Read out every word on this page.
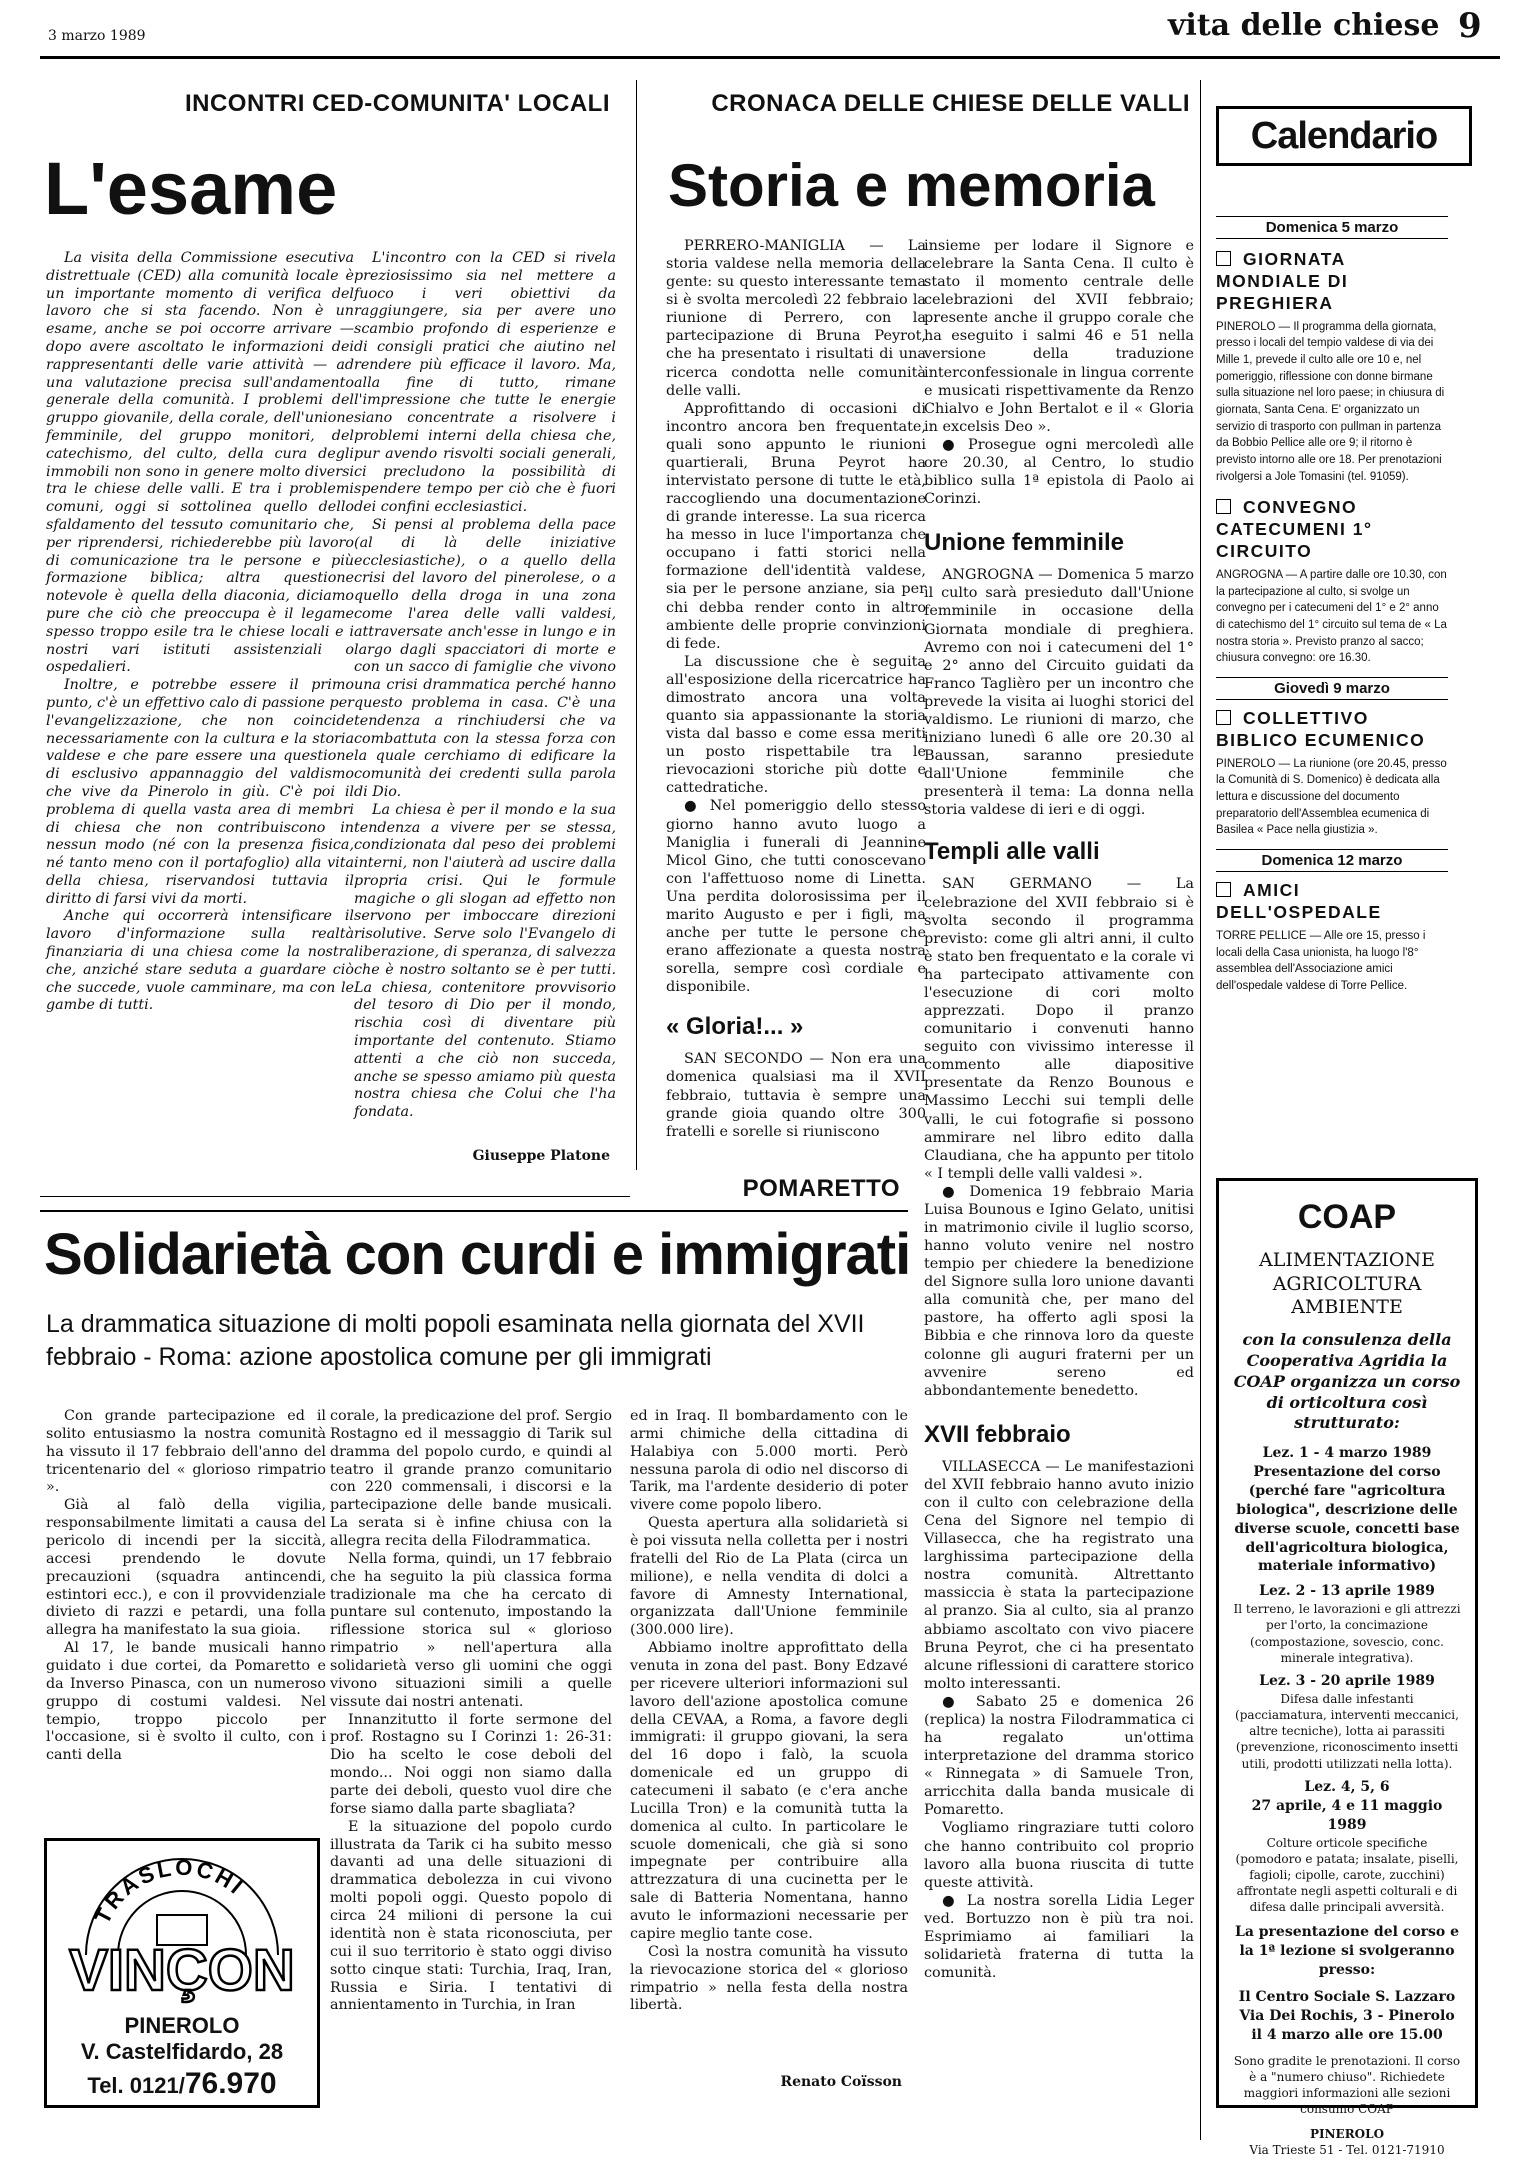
3 marzo 1989	vita delle chiese 9
INCONTRI CED-COMUNITA' LOCALI
L'esame

La visita della Commissione esecutiva distrettuale (CED) alla comunità locale è un importante momento di verifica del lavoro che si sta facendo. Non è un esame, anche se poi occorre arrivare — dopo avere ascoltato le informazioni dei rappresentanti delle varie attività — ad una valutazione precisa sull'andamento generale della comunità. I problemi del gruppo giovanile, della corale, dell'unione femminile, del gruppo monitori, del catechismo, del culto, della cura degli immobili non sono in genere molto diversi tra le chiese delle valli. E tra i problemi comuni, oggi si sottolinea quello dello sfaldamento del tessuto comunitario che, per riprendersi, richiederebbe più lavoro di comunicazione tra le persone e più formazione biblica; altra questione notevole è quella della diaconia, diciamo pure che ciò che preoccupa è il legame spesso troppo esile tra le chiese locali e i nostri vari istituti assistenziali o ospedalieri.

Inoltre, e potrebbe essere il primo punto, c'è un effettivo calo di passione per l'evangelizzazione, che non coincide necessariamente con la cultura e la storia valdese e che pare essere una questione di esclusivo appannaggio del valdismo che vive da Pinerolo in giù. C'è poi il problema di quella vasta area di membri di chiesa che non contribuiscono in nessun modo (né con la presenza fisica, né tanto meno con il portafoglio) alla vita della chiesa, riservandosi tuttavia il diritto di farsi vivi da morti.

Anche qui occorrerà intensificare il lavoro d'informazione sulla realtà finanziaria di una chiesa come la nostra che, anziché stare seduta a guardare ciò che succede, vuole camminare, ma con le gambe di tutti.

L'incontro con la CED si rivela preziosissimo sia nel mettere a fuoco i veri obiettivi da raggiungere, sia per avere uno scambio profondo di esperienze e di consigli pratici che aiutino nel rendere più efficace il lavoro. Ma, alla fine di tutto, rimane l'impressione che tutte le energie siano concentrate a risolvere i problemi interni della chiesa che, pur avendo risvolti sociali generali, ci precludono la possibilità di spendere tempo per ciò che è fuori dei confini ecclesiastici.

Si pensi al problema della pace (al di là delle iniziative ecclesiastiche), o a quello della crisi del lavoro del pinerolese, o a quello della droga in una zona come l'area delle valli valdesi, attraversate anch'esse in lungo e in largo dagli spacciatori di morte e con un sacco di famiglie che vivono una crisi drammatica perché hanno questo problema in casa. C'è una tendenza a rinchiudersi che va combattuta con la stessa forza con la quale cerchiamo di edificare la comunità dei credenti sulla parola di Dio.

La chiesa è per il mondo e la sua tendenza a vivere per se stessa, condizionata dal peso dei problemi interni, non l'aiuterà ad uscire dalla propria crisi. Qui le formule magiche o gli slogan ad effetto non servono per imboccare direzioni risolutive. Serve solo l'Evangelo di liberazione, di speranza, di salvezza che è nostro soltanto se è per tutti. La chiesa, contenitore provvisorio del tesoro di Dio per il mondo, rischia così di diventare più importante del contenuto. Stiamo attenti a che ciò non succeda, anche se spesso amiamo più questa nostra chiesa che Colui che l'ha fondata.

Giuseppe Platone
CRONACA DELLE CHIESE DELLE VALLI
Storia e memoria

PERRERO-MANIGLIA — La storia valdese nella memoria della gente: su questo interessante tema si è svolta mercoledì 22 febbraio la riunione di Perrero, con la partecipazione di Bruna Peyrot, che ha presentato i risultati di una ricerca condotta nelle comunità delle valli.

Approfittando di occasioni di incontro ancora ben frequentate, quali sono appunto le riunioni quartierali, Bruna Peyrot ha intervistato persone di tutte le età, raccogliendo una documentazione di grande interesse. La sua ricerca ha messo in luce l'importanza che occupano i fatti storici nella formazione dell'identità valdese, sia per le persone anziane, sia per chi debba render conto in altro ambiente delle proprie convinzioni di fede.

La discussione che è seguita all'esposizione della ricercatrice ha dimostrato ancora una volta quanto sia appassionante la storia vista dal basso e come essa meriti un posto rispettabile tra le rievocazioni storiche più dotte e cattedratiche.

● Nel pomeriggio dello stesso giorno hanno avuto luogo a Maniglia i funerali di Jeannine Micol Gino, che tutti conoscevano con l'affettuoso nome di Linetta. Una perdita dolorosissima per il marito Augusto e per i figli, ma anche per tutte le persone che erano affezionate a questa nostra sorella, sempre così cordiale e disponibile.

« Gloria!... »

SAN SECONDO — Non era una domenica qualsiasi ma il XVII febbraio, tuttavia è sempre una grande gioia quando oltre 300 fratelli e sorelle si riuniscono

insieme per lodare il Signore e celebrare la Santa Cena. Il culto è stato il momento centrale delle celebrazioni del XVII febbraio; presente anche il gruppo corale che ha eseguito i salmi 46 e 51 nella versione della traduzione interconfessionale in lingua corrente e musicati rispettivamente da Renzo Chialvo e John Bertalot e il « Gloria in excelsis Deo ».

● Prosegue ogni mercoledì alle ore 20.30, al Centro, lo studio biblico sulla 1ª epistola di Paolo ai Corinzi.

Unione femminile

ANGROGNA — Domenica 5 marzo il culto sarà presieduto dall'Unione femminile in occasione della Giornata mondiale di preghiera. Avremo con noi i catecumeni del 1° e 2° anno del Circuito guidati da Franco Taglièro per un incontro che prevede la visita ai luoghi storici del valdismo. Le riunioni di marzo, che iniziano lunedì 6 alle ore 20.30 al Baussan, saranno presiedute dall'Unione femminile che presenterà il tema: La donna nella storia valdese di ieri e di oggi.

Templi alle valli

SAN GERMANO — La celebrazione del XVII febbraio si è svolta secondo il programma previsto: come gli altri anni, il culto è stato ben frequentato e la corale vi ha partecipato attivamente con l'esecuzione di cori molto apprezzati. Dopo il pranzo comunitario i convenuti hanno seguito con vivissimo interesse il commento alle diapositive presentate da Renzo Bounous e Massimo Lecchi sui templi delle valli, le cui fotografie si possono ammirare nel libro edito dalla Claudiana, che ha appunto per titolo « I templi delle valli valdesi ».

● Domenica 19 febbraio Maria Luisa Bounous e Igino Gelato, unitisi in matrimonio civile il luglio scorso, hanno voluto venire nel nostro tempio per chiedere la benedizione del Signore sulla loro unione davanti alla comunità che, per mano del pastore, ha offerto agli sposi la Bibbia e che rinnova loro da queste colonne gli auguri fraterni per un avvenire sereno ed abbondantemente benedetto.

XVII febbraio

VILLASECCA — Le manifestazioni del XVII febbraio hanno avuto inizio con il culto con celebrazione della Cena del Signore nel tempio di Villasecca, che ha registrato una larghissima partecipazione della nostra comunità. Altrettanto massiccia è stata la partecipazione al pranzo. Sia al culto, sia al pranzo abbiamo ascoltato con vivo piacere Bruna Peyrot, che ci ha presentato alcune riflessioni di carattere storico molto interessanti.

● Sabato 25 e domenica 26 (replica) la nostra Filodrammatica ci ha regalato un'ottima interpretazione del dramma storico « Rinnegata » di Samuele Tron, arricchita dalla banda musicale di Pomaretto.

Vogliamo ringraziare tutti coloro che hanno contribuito col proprio lavoro alla buona riuscita di tutte queste attività.

● La nostra sorella Lidia Leger ved. Bortuzzo non è più tra noi. Esprimiamo ai familiari la solidarietà fraterna di tutta la comunità.

POMARETTO
Solidarietà con curdi e immigrati
La drammatica situazione di molti popoli esaminata nella giornata del XVII febbraio - Roma: azione apostolica comune per gli immigrati

Con grande partecipazione ed il solito entusiasmo la nostra comunità ha vissuto il 17 febbraio dell'anno del tricentenario del « glorioso rimpatrio ».

Già al falò della vigilia, responsabilmente limitati a causa del pericolo di incendi per la siccità, accesi prendendo le dovute precauzioni (squadra antincendi, estintori ecc.), e con il provvidenziale divieto di razzi e petardi, una folla allegra ha manifestato la sua gioia.

Al 17, le bande musicali hanno guidato i due cortei, da Pomaretto e da Inverso Pinasca, con un numeroso gruppo di costumi valdesi. Nel tempio, troppo piccolo per l'occasione, si è svolto il culto, con i canti della

corale, la predicazione del prof. Sergio Rostagno ed il messaggio di Tarik sul dramma del popolo curdo, e quindi al teatro il grande pranzo comunitario con 220 commensali, i discorsi e la partecipazione delle bande musicali. La serata si è infine chiusa con la allegra recita della Filodrammatica.

Nella forma, quindi, un 17 febbraio che ha seguito la più classica forma tradizionale ma che ha cercato di puntare sul contenuto, impostando la riflessione storica sul « glorioso rimpatrio » nell'apertura alla solidarietà verso gli uomini che oggi vivono situazioni simili a quelle vissute dai nostri antenati.

Innanzitutto il forte sermone del prof. Rostagno su I Corinzi 1: 26-31: Dio ha scelto le cose deboli del mondo... Noi oggi non siamo dalla parte dei deboli, questo vuol dire che forse siamo dalla parte sbagliata?

E la situazione del popolo curdo illustrata da Tarik ci ha subito messo davanti ad una delle situazioni di drammatica debolezza in cui vivono molti popoli oggi. Questo popolo di circa 24 milioni di persone la cui identità non è stata riconosciuta, per cui il suo territorio è stato oggi diviso sotto cinque stati: Turchia, Iraq, Iran, Russia e Siria. I tentativi di annientamento in Turchia, in Iran

ed in Iraq. Il bombardamento con le armi chimiche della cittadina di Halabiya con 5.000 morti. Però nessuna parola di odio nel discorso di Tarik, ma l'ardente desiderio di poter vivere come popolo libero.

Questa apertura alla solidarietà si è poi vissuta nella colletta per i nostri fratelli del Rio de La Plata (circa un milione), e nella vendita di dolci a favore di Amnesty International, organizzata dall'Unione femminile (300.000 lire).

Abbiamo inoltre approfittato della venuta in zona del past. Bony Edzavé per ricevere ulteriori informazioni sul lavoro dell'azione apostolica comune della CEVAA, a Roma, a favore degli immigrati: il gruppo giovani, la sera del 16 dopo i falò, la scuola domenicale ed un gruppo di catecumeni il sabato (e c'era anche Lucilla Tron) e la comunità tutta la domenica al culto. In particolare le scuole domenicali, che già si sono impegnate per contribuire alla attrezzatura di una cucinetta per le sale di Batteria Nomentana, hanno avuto le informazioni necessarie per capire meglio tante cose.

Così la nostra comunità ha vissuto la rievocazione storica del « glorioso rimpatrio » nella festa della nostra libertà.

Renato Coïsson
TRASLOCHI
VINÇON
PINEROLO
V. Castelfidardo, 28
Tel. 0121/76.970
Calendario
Domenica 5 marzo
GIORNATA MONDIALE DI PREGHIERA
PINEROLO — Il programma della giornata, presso i locali del tempio valdese di via dei Mille 1, prevede il culto alle ore 10 e, nel pomeriggio, riflessione con donne birmane sulla situazione nel loro paese; in chiusura di giornata, Santa Cena. E' organizzato un servizio di trasporto con pullman in partenza da Bobbio Pellice alle ore 9; il ritorno è previsto intorno alle ore 18. Per prenotazioni rivolgersi a Jole Tomasini (tel. 91059).
CONVEGNO CATECUMENI 1° CIRCUITO
ANGROGNA — A partire dalle ore 10.30, con la partecipazione al culto, si svolge un convegno per i catecumeni del 1° e 2° anno di catechismo del 1° circuito sul tema de « La nostra storia ». Previsto pranzo al sacco; chiusura convegno: ore 16.30.
Giovedì 9 marzo
COLLETTIVO BIBLICO ECUMENICO
PINEROLO — La riunione (ore 20.45, presso la Comunità di S. Domenico) è dedicata alla lettura e discussione del documento preparatorio dell'Assemblea ecumenica di Basilea « Pace nella giustizia ».
Domenica 12 marzo
AMICI DELL'OSPEDALE
TORRE PELLICE — Alle ore 15, presso i locali della Casa unionista, ha luogo l'8° assemblea dell'Associazione amici dell'ospedale valdese di Torre Pellice.
COAP
ALIMENTAZIONE AGRICOLTURA AMBIENTE
con la consulenza della Cooperativa Agridia la COAP organizza un corso di orticoltura così strutturato:
Lez. 1 - 4 marzo 1989
Presentazione del corso (perché fare "agricoltura biologica", descrizione delle diverse scuole, concetti base dell'agricoltura biologica, materiale informativo)
Lez. 2 - 13 aprile 1989
Il terreno, le lavorazioni e gli attrezzi per l'orto, la concimazione (compostazione, sovescio, conc. minerale integrativa).
Lez. 3 - 20 aprile 1989
Difesa dalle infestanti (pacciamatura, interventi meccanici, altre tecniche), lotta ai parassiti (prevenzione, riconoscimento insetti utili, prodotti utilizzati nella lotta).
Lez. 4, 5, 6
27 aprile, 4 e 11 maggio 1989
Colture orticole specifiche (pomodoro e patata; insalate, piselli, fagioli; cipolle, carote, zucchini) affrontate negli aspetti colturali e di difesa dalle principali avversità.
La presentazione del corso e la 1ª lezione si svolgeranno presso:
Il Centro Sociale S. Lazzaro Via Dei Rochis, 3 - Pinerolo il 4 marzo alle ore 15.00
Sono gradite le prenotazioni. Il corso è a "numero chiuso". Richiedete maggiori informazioni alle sezioni consumo COAP
PINEROLO
Via Trieste 51 - Tel. 0121-71910
